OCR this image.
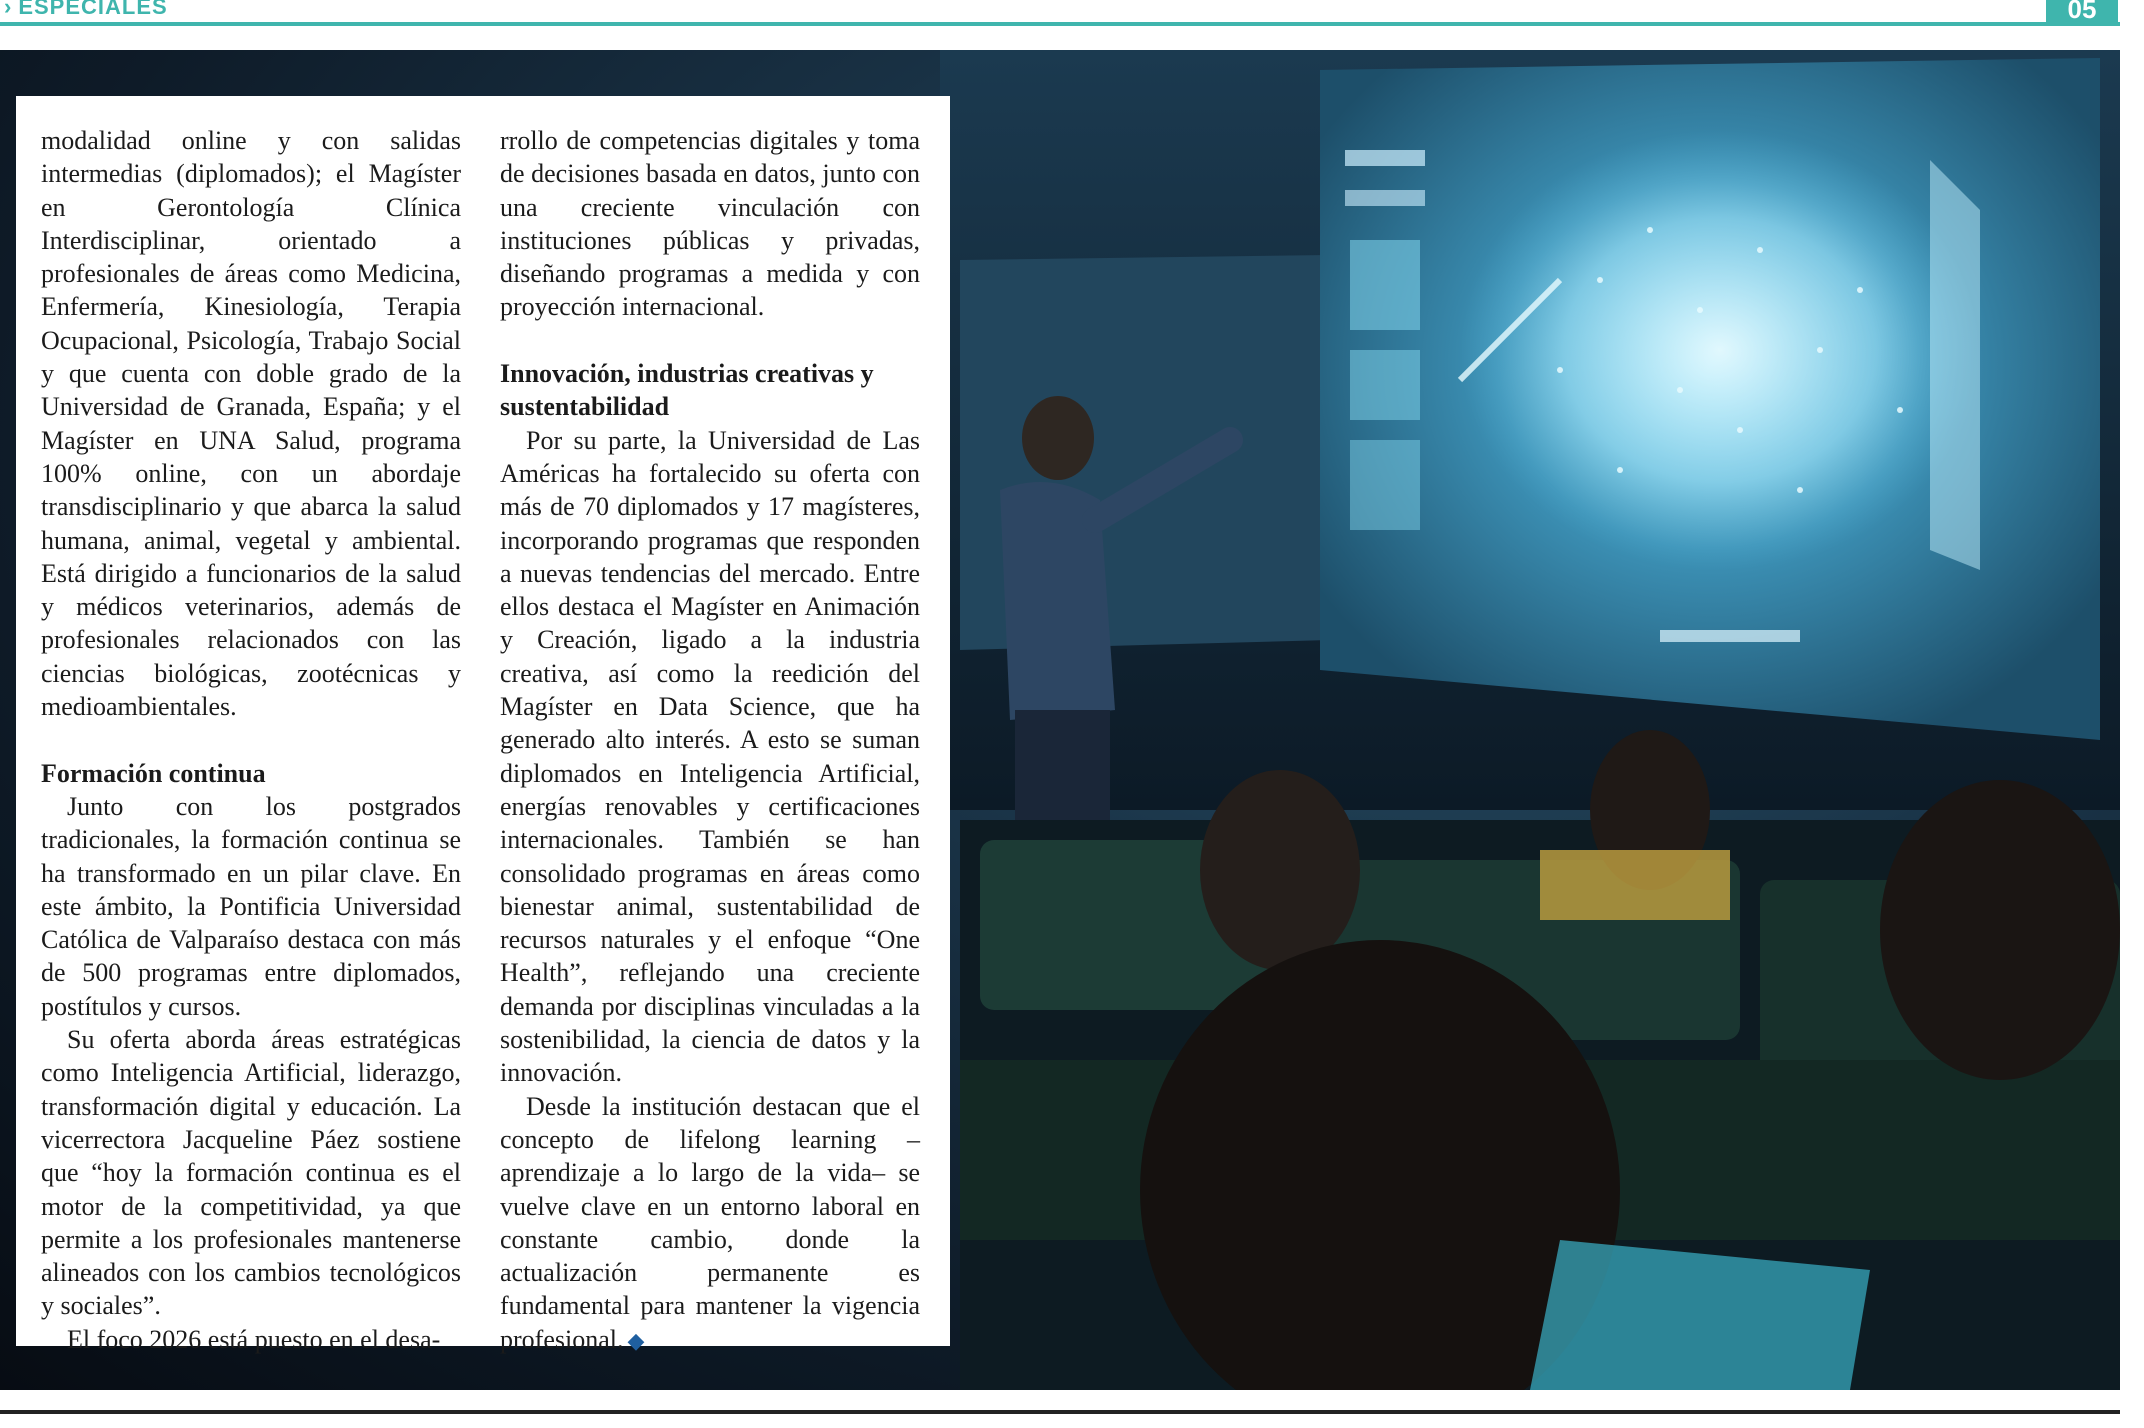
› ESPECIALES	05

modalidad online y con salidas intermedias (diplomados); el Magíster en Gerontología Clínica Interdisciplinar, orientado a profesionales de áreas como Medicina, Enfermería, Kinesiología, Terapia Ocupacional, Psicología, Trabajo Social y que cuenta con doble grado de la Universidad de Granada, España; y el Magíster en UNA Salud, programa 100% online, con un abordaje transdisciplinario y que abarca la salud humana, animal, vegetal y ambiental. Está dirigido a funcionarios de la salud y médicos veterinarios, además de profesionales relacionados con las ciencias biológicas, zootécnicas y medioambientales.

Formación continua

Junto con los postgrados tradicionales, la formación continua se ha transformado en un pilar clave. En este ámbito, la Pontificia Universidad Católica de Valparaíso destaca con más de 500 programas entre diplomados, postítulos y cursos.

Su oferta aborda áreas estratégicas como Inteligencia Artificial, liderazgo, transformación digital y educación. La vicerrectora Jacqueline Páez sostiene que “hoy la formación continua es el motor de la competitividad, ya que permite a los profesionales mantenerse alineados con los cambios tecnológicos y sociales”.

El foco 2026 está puesto en el desa-

rrollo de competencias digitales y toma de decisiones basada en datos, junto con una creciente vinculación con instituciones públicas y privadas, diseñando programas a medida y con proyección internacional.

Innovación, industrias creativas y sustentabilidad

Por su parte, la Universidad de Las Américas ha fortalecido su oferta con más de 70 diplomados y 17 magísteres, incorporando programas que responden a nuevas tendencias del mercado. Entre ellos destaca el Magíster en Animación y Creación, ligado a la industria creativa, así como la reedición del Magíster en Data Science, que ha generado alto interés. A esto se suman diplomados en Inteligencia Artificial, energías renovables y certificaciones internacionales. También se han consolidado programas en áreas como bienestar animal, sustentabilidad de recursos naturales y el enfoque “One Health”, reflejando una creciente demanda por disciplinas vinculadas a la sostenibilidad, la ciencia de datos y la innovación.

Desde la institución destacan que el concepto de lifelong learning –aprendizaje a lo largo de la vida– se vuelve clave en un entorno laboral en constante cambio, donde la actualización permanente es fundamental para mantener la vigencia profesional. ◆
